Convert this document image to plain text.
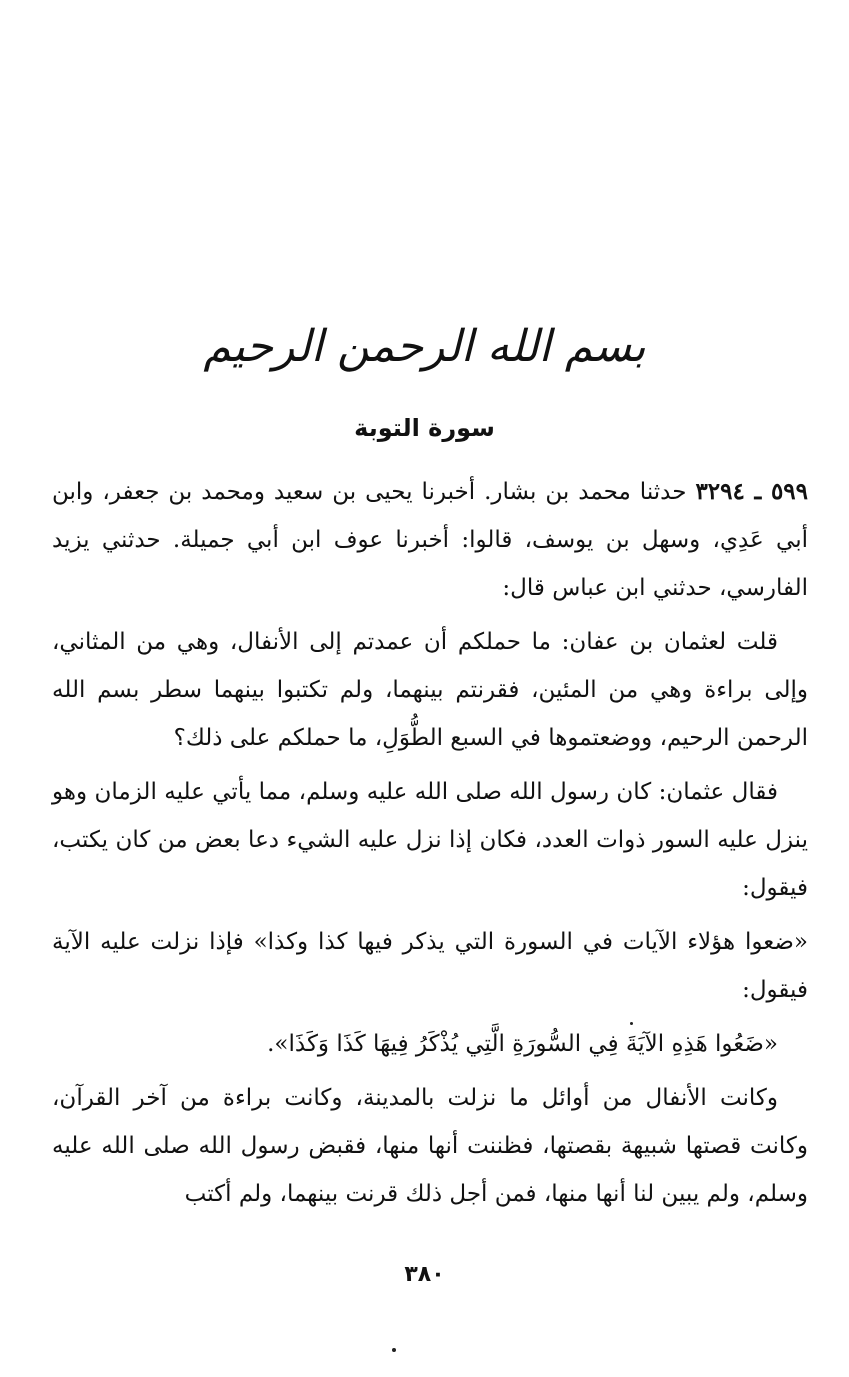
بسم الله الرحمن الرحيم
سورة التوبة

٥٩٩ ـ ٣٢٩٤ حدثنا محمد بن بشار. أخبرنا يحيى بن سعيد ومحمد بن جعفر، وابن أبي عَدِي، وسهل بن يوسف، قالوا: أخبرنا عوف ابن أبي جميلة. حدثني يزيد الفارسي، حدثني ابن عباس قال:

قلت لعثمان بن عفان: ما حملكم أن عمدتم إلى الأنفال، وهي من المثاني، وإلى براءة وهي من المئين، فقرنتم بينهما، ولم تكتبوا بينهما سطر بسم الله الرحمن الرحيم، ووضعتموها في السبع الطُّوَلِ، ما حملكم على ذلك؟

فقال عثمان: كان رسول الله صلى الله عليه وسلم، مما يأتي عليه الزمان وهو ينزل عليه السور ذوات العدد، فكان إذا نزل عليه الشيء دعا بعض من كان يكتب، فيقول:

«ضعوا هؤلاء الآيات في السورة التي يذكر فيها كذا وكذا» فإذا نزلت عليه الآية فيقول:

«ضَعُوا هَذِهِ الآيَةَ فِي السُّورَةِ الَّتِي يُذْكَرُ فِيهَا كَذَا وَكَذَا».

وكانت الأنفال من أوائل ما نزلت بالمدينة، وكانت براءة من آخر القرآن، وكانت قصتها شبيهة بقصتها، فظننت أنها منها، فقبض رسول الله صلى الله عليه وسلم، ولم يبين لنا أنها منها، فمن أجل ذلك قرنت بينهما، ولم أكتب

٣٨٠
